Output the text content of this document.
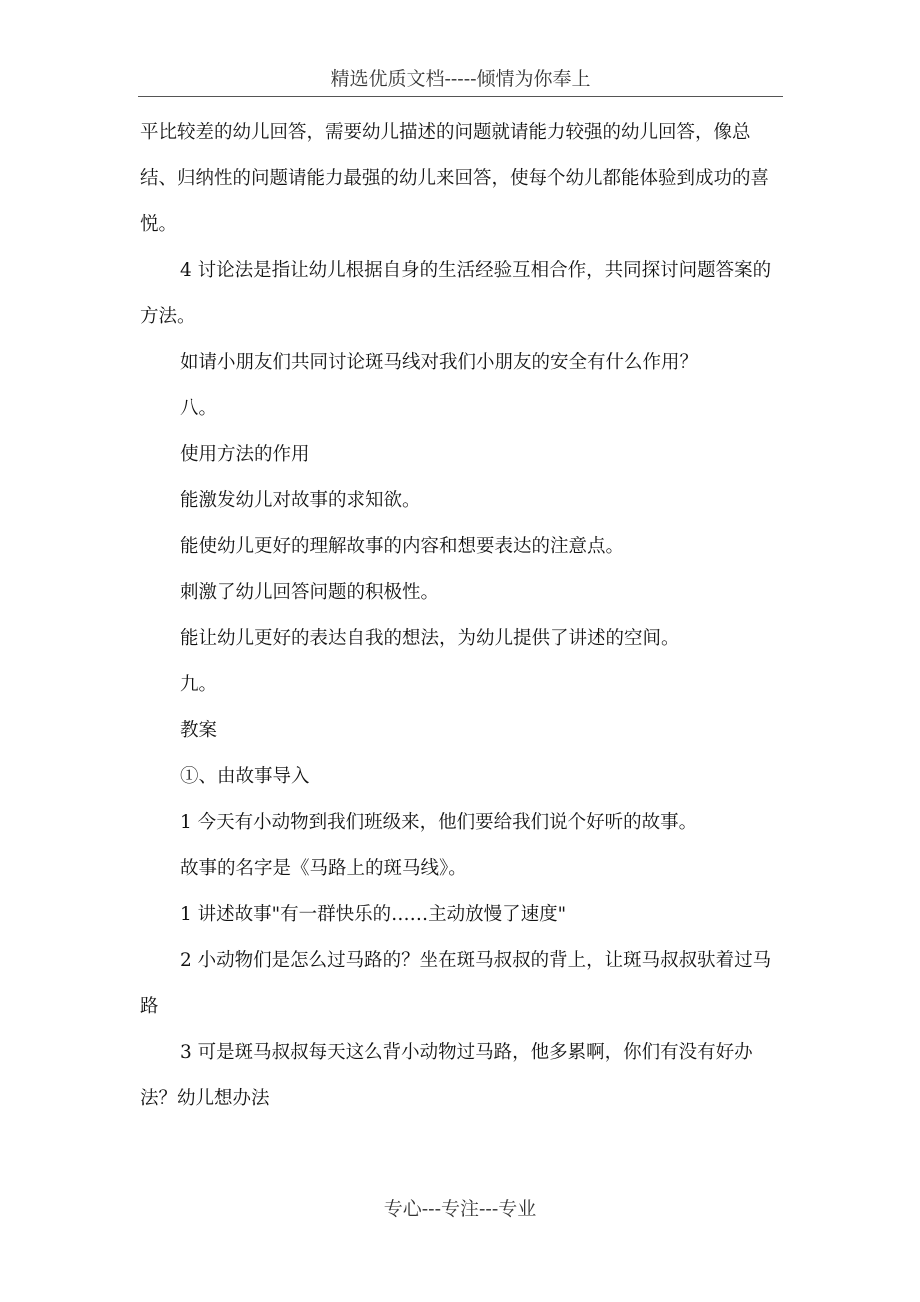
精选优质文档-----倾情为你奉上

平比较差的幼儿回答，需要幼儿描述的问题就请能力较强的幼儿回答，像总结、归纳性的问题请能力最强的幼儿来回答，使每个幼儿都能体验到成功的喜悦。

4 讨论法是指让幼儿根据自身的生活经验互相合作，共同探讨问题答案的方法。

如请小朋友们共同讨论斑马线对我们小朋友的安全有什么作用？

八。

使用方法的作用

能激发幼儿对故事的求知欲。

能使幼儿更好的理解故事的内容和想要表达的注意点。

刺激了幼儿回答问题的积极性。

能让幼儿更好的表达自我的想法，为幼儿提供了讲述的空间。

九。

教案

①、由故事导入

1 今天有小动物到我们班级来，他们要给我们说个好听的故事。

故事的名字是《马路上的斑马线》。

1 讲述故事"有一群快乐的……主动放慢了速度"

2 小动物们是怎么过马路的？坐在斑马叔叔的背上，让斑马叔叔驮着过马路

3 可是斑马叔叔每天这么背小动物过马路，他多累啊，你们有没有好办法？幼儿想办法

专心---专注---专业
